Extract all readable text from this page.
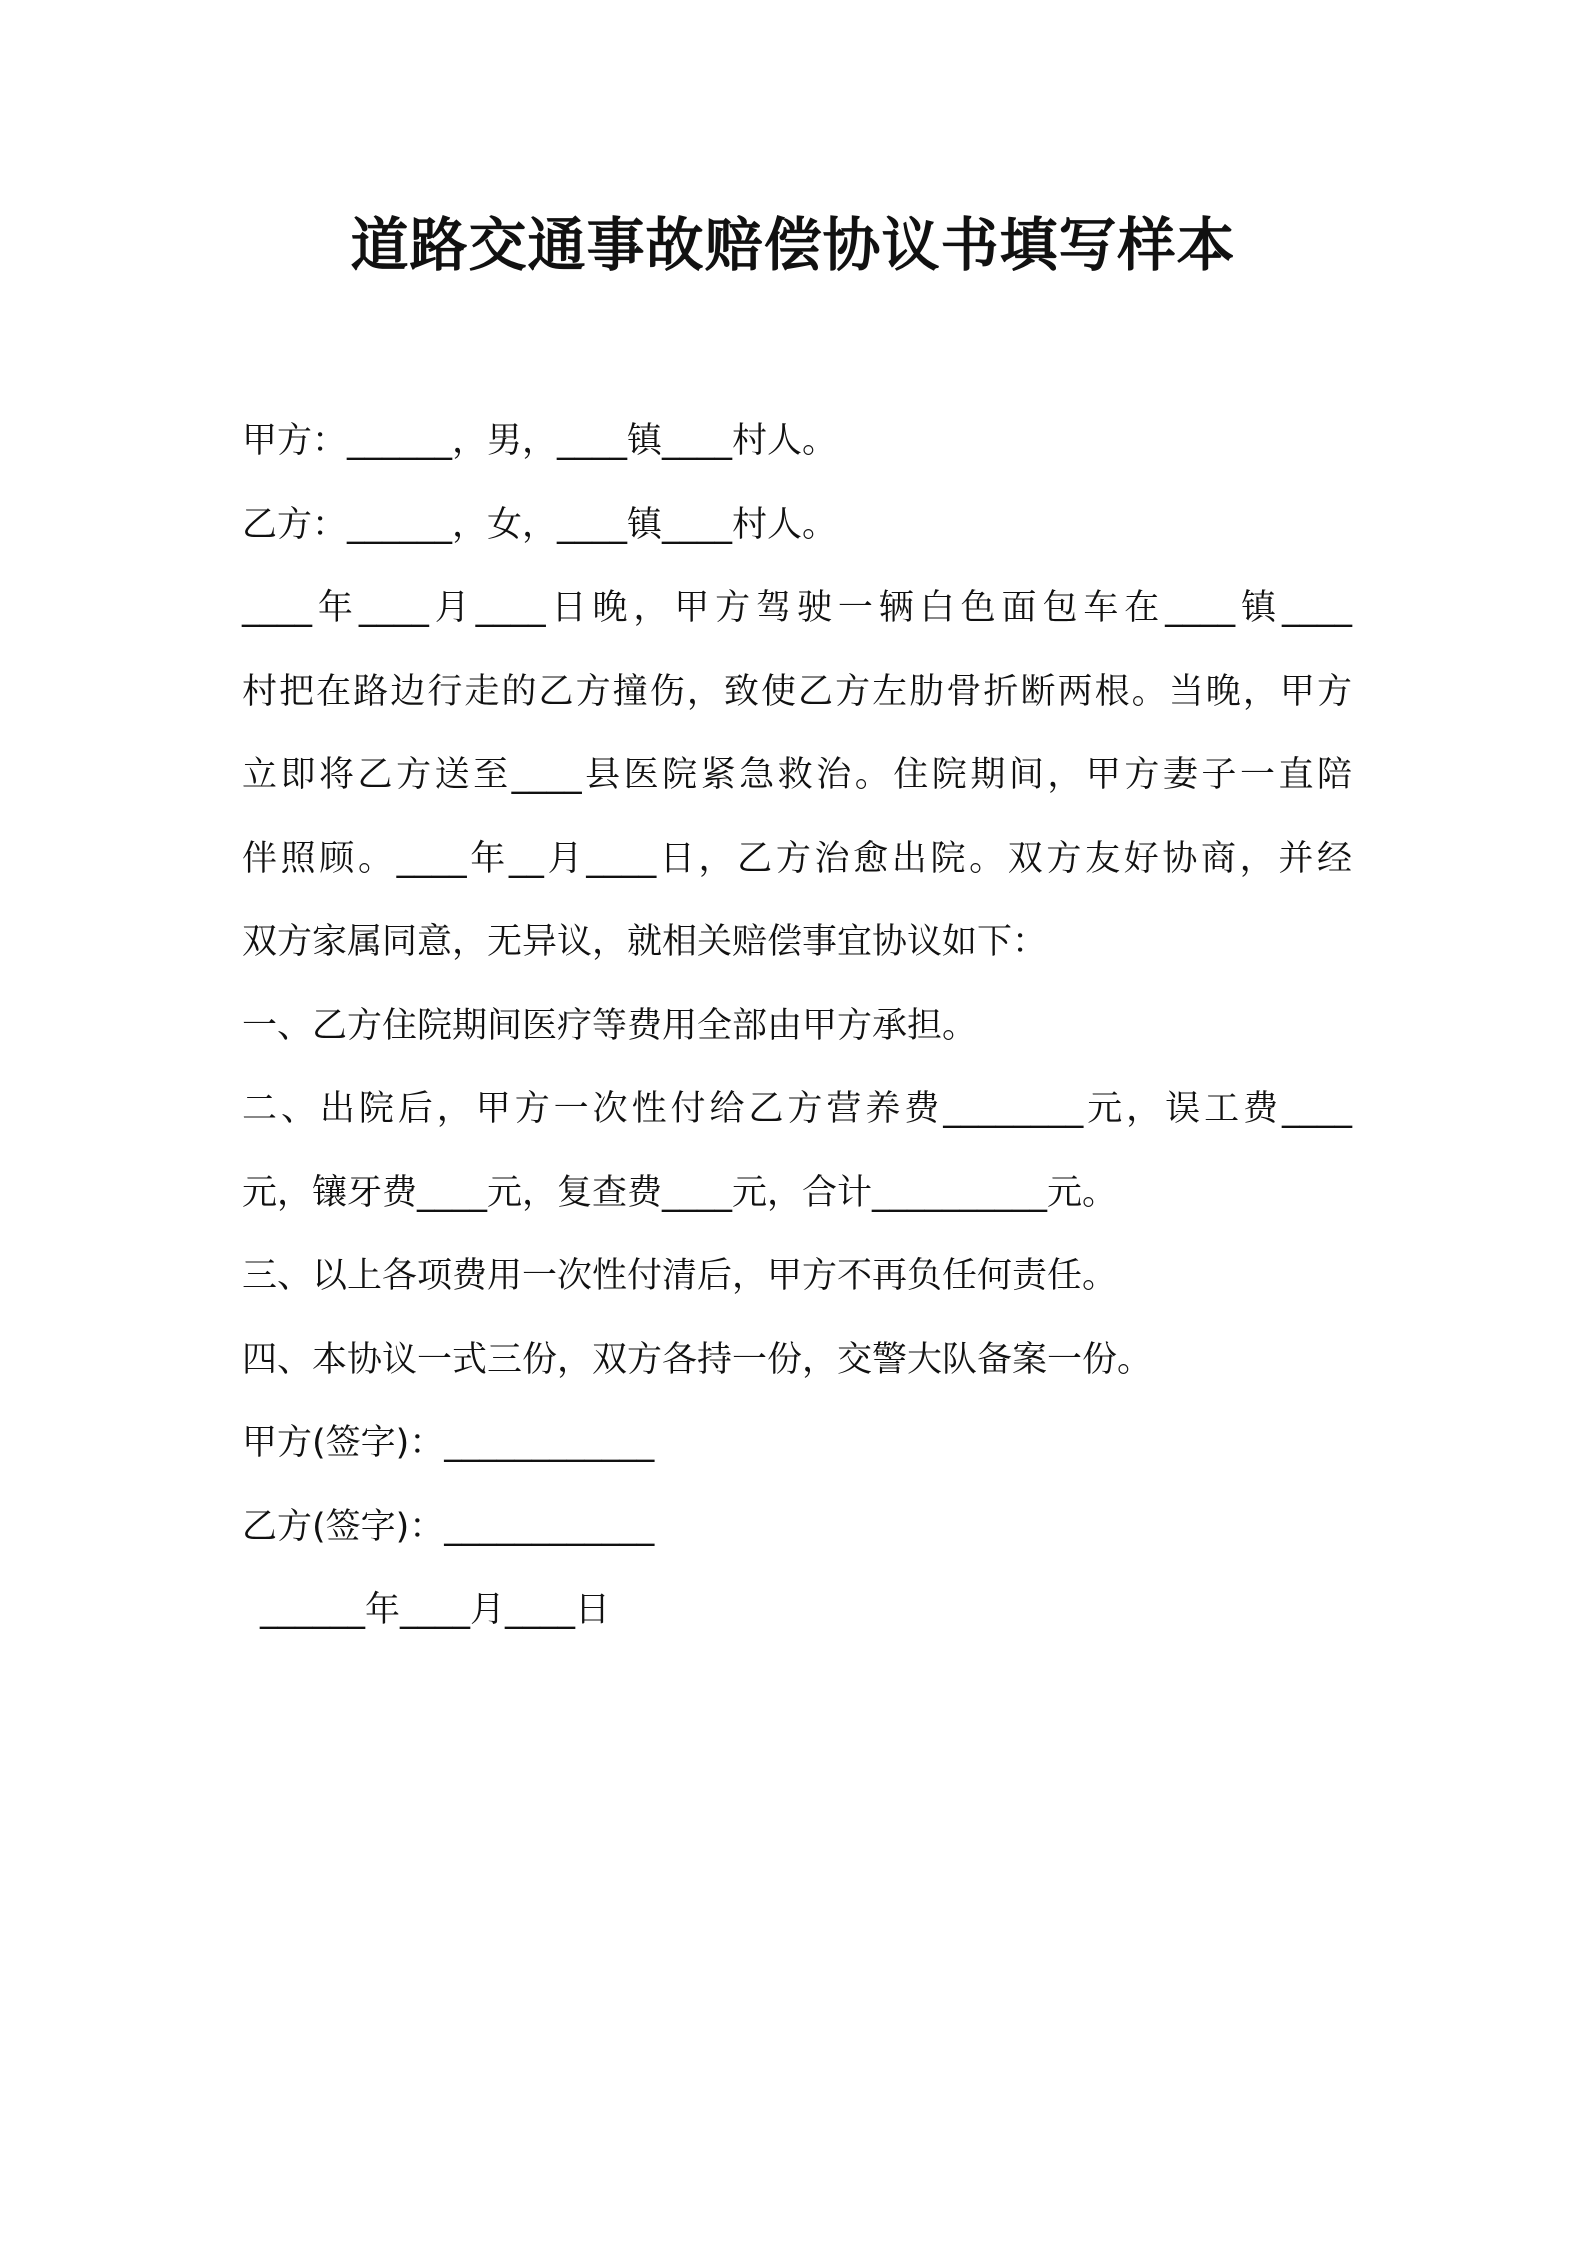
道路交通事故赔偿协议书填写样本

甲方：______，男，____镇____村人。

乙方：______，女，____镇____村人。

____年____月____日晚，甲方驾驶一辆白色面包车在____镇____

村把在路边行走的乙方撞伤，致使乙方左肋骨折断两根。当晚，甲方

立即将乙方送至____县医院紧急救治。住院期间，甲方妻子一直陪

伴照顾。____年__月____日，乙方治愈出院。双方友好协商，并经

双方家属同意，无异议，就相关赔偿事宜协议如下：

一、乙方住院期间医疗等费用全部由甲方承担。

二、出院后，甲方一次性付给乙方营养费________元，误工费____

元，镶牙费____元，复查费____元，合计__________元。

三、以上各项费用一次性付清后，甲方不再负任何责任。

四、本协议一式三份，双方各持一份，交警大队备案一份。

甲方(签字)：____________

乙方(签字)：____________

______年____月____日
